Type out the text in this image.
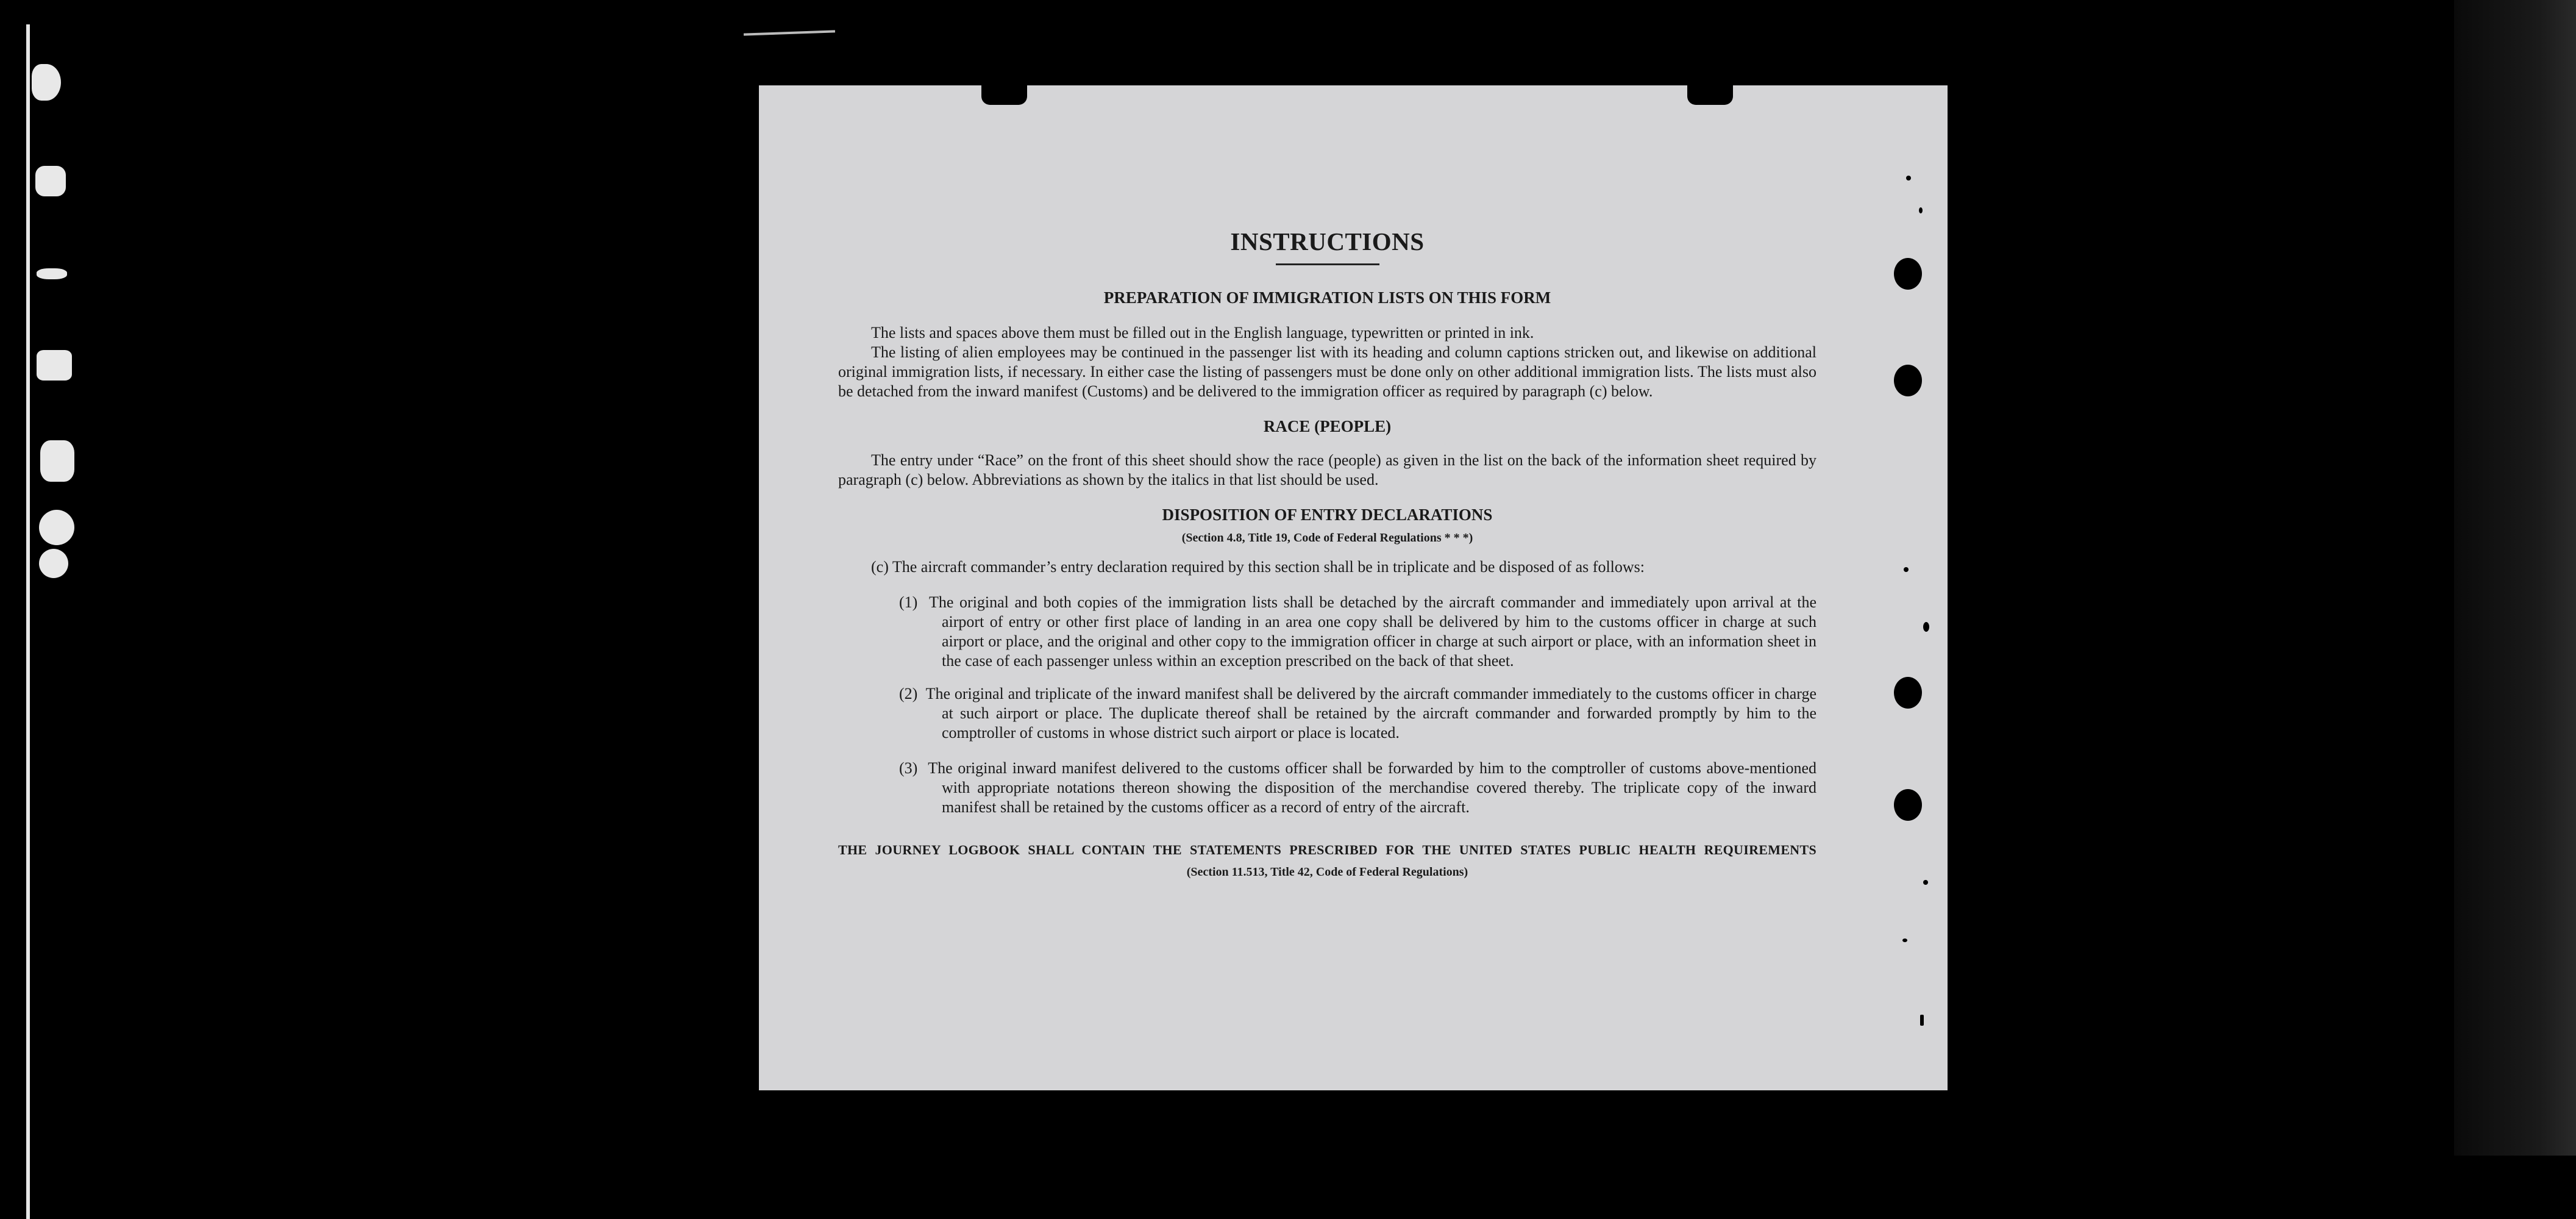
INSTRUCTIONS
PREPARATION OF IMMIGRATION LISTS ON THIS FORM

The lists and spaces above them must be filled out in the English language, typewritten or printed in ink.

The listing of alien employees may be continued in the passenger list with its heading and column captions stricken out, and likewise on additional original immigration lists, if necessary. In either case the listing of passengers must be done only on other additional immigration lists. The lists must also be detached from the inward manifest (Customs) and be delivered to the immigration officer as required by paragraph (c) below.

RACE (PEOPLE)

The entry under “Race” on the front of this sheet should show the race (people) as given in the list on the back of the information sheet required by paragraph (c) below. Abbreviations as shown by the italics in that list should be used.

DISPOSITION OF ENTRY DECLARATIONS

(Section 4.8, Title 19, Code of Federal Regulations * * *)

(c) The aircraft commander’s entry declaration required by this section shall be in triplicate and be disposed of as follows:

(1) The original and both copies of the immigration lists shall be detached by the aircraft commander and immediately upon arrival at the airport of entry or other first place of landing in an area one copy shall be delivered by him to the customs officer in charge at such airport or place, and the original and other copy to the immigration officer in charge at such airport or place, with an information sheet in the case of each passenger unless within an exception prescribed on the back of that sheet.
(2) The original and triplicate of the inward manifest shall be delivered by the aircraft commander immediately to the customs officer in charge at such airport or place. The duplicate thereof shall be retained by the aircraft commander and forwarded promptly by him to the comptroller of customs in whose district such airport or place is located.
(3) The original inward manifest delivered to the customs officer shall be forwarded by him to the comptroller of customs above-mentioned with appropriate notations thereon showing the disposition of the merchandise covered thereby. The triplicate copy of the inward manifest shall be retained by the customs officer as a record of entry of the aircraft.

THE JOURNEY LOGBOOK SHALL CONTAIN THE STATEMENTS PRESCRIBED FOR THE UNITED STATES PUBLIC HEALTH REQUIREMENTS

(Section 11.513, Title 42, Code of Federal Regulations)
